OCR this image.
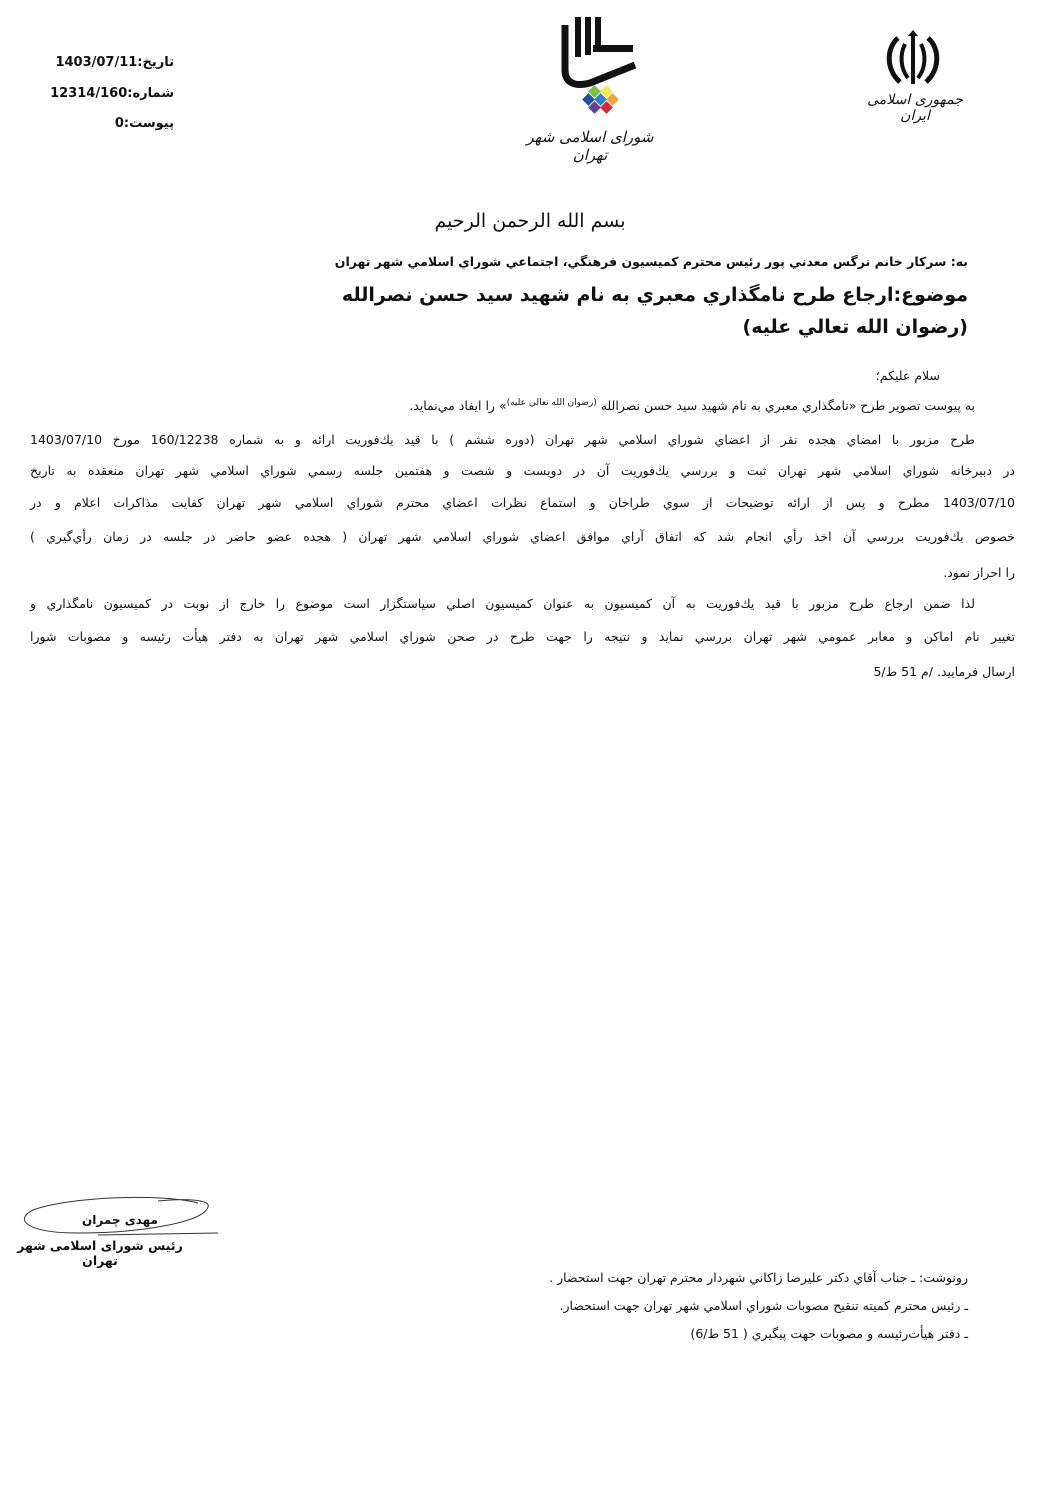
جمهوری اسلامی ایران
شورای اسلامی شهر تهران
تاریخ:1403/07/11
شماره:12314/160
پیوست:0
بسم الله الرحمن الرحيم
به: سركار خانم نرگس معدني پور رئيس محترم كميسيون فرهنگي، اجتماعي شوراي اسلامي شهر تهران
موضوع:ارجاع طرح نامگذاري معبري به نام شهيد سيد حسن نصرالله
(رضوان الله تعالي عليه)
سلام عليكم؛
به پيوست تصوير طرح «نامگذاري معبري به نام شهيد سيد حسن نصرالله $^{(رضوان الله تعالي عليه)}$» را ايفاد مي‌نمايد.
طرح مزبور با امضاي هجده نفر از اعضاي شوراي اسلامي شهر تهران (دوره ششم ) با قيد يك‌فوريت ارائه و به شماره 160/12238 مورخ 1403/07/10
در دبيرخانه شوراي اسلامي شهر تهران ثبت و بررسي يك‌فوريت آن در دويست و شصت و هفتمين جلسه رسمي شوراي اسلامي شهر تهران منعقده به تاريخ
1403/07/10 مطرح و پس از ارائه توضيحات از سوي طراحان و استماع نظرات اعضاي محترم شوراي اسلامي شهر تهران كفايت مذاكرات اعلام و در
خصوص يك‌فوريت بررسي آن اخذ رأي انجام شد كه اتفاق آراي موافق اعضاي شوراي اسلامي شهر تهران ( هجده عضو حاضر در جلسه در زمان رأي‌گيري )
را احراز نمود.
لذا ضمن ارجاع طرح مزبور با قيد يك‌فوريت به آن كميسيون به عنوان كميسيون اصلي سياستگزار است موضوع را خارج از نوبت در كميسيون نامگذاري و
تغيير نام اماكن و معابر عمومي شهر تهران بررسي نمايد و نتيجه را جهت طرح در صحن شوراي اسلامي شهر تهران به دفتر هيأت رئيسه و مصوبات شورا
ارسال فرمایید. /م 51 ط/5
مهدی چمران
رئیس شورای اسلامی شهر تهران
رونوشت: ـ جناب آقاي دكتر عليرضا زاكاني شهردار محترم تهران جهت استحضار .
ـ رئيس محترم كميته تنقيح مصوبات شوراي اسلامي شهر تهران جهت استحضار.
ـ دفتر هيأت‌رئيسه و مصوبات جهت پيگيري ( 51 ط/6)
